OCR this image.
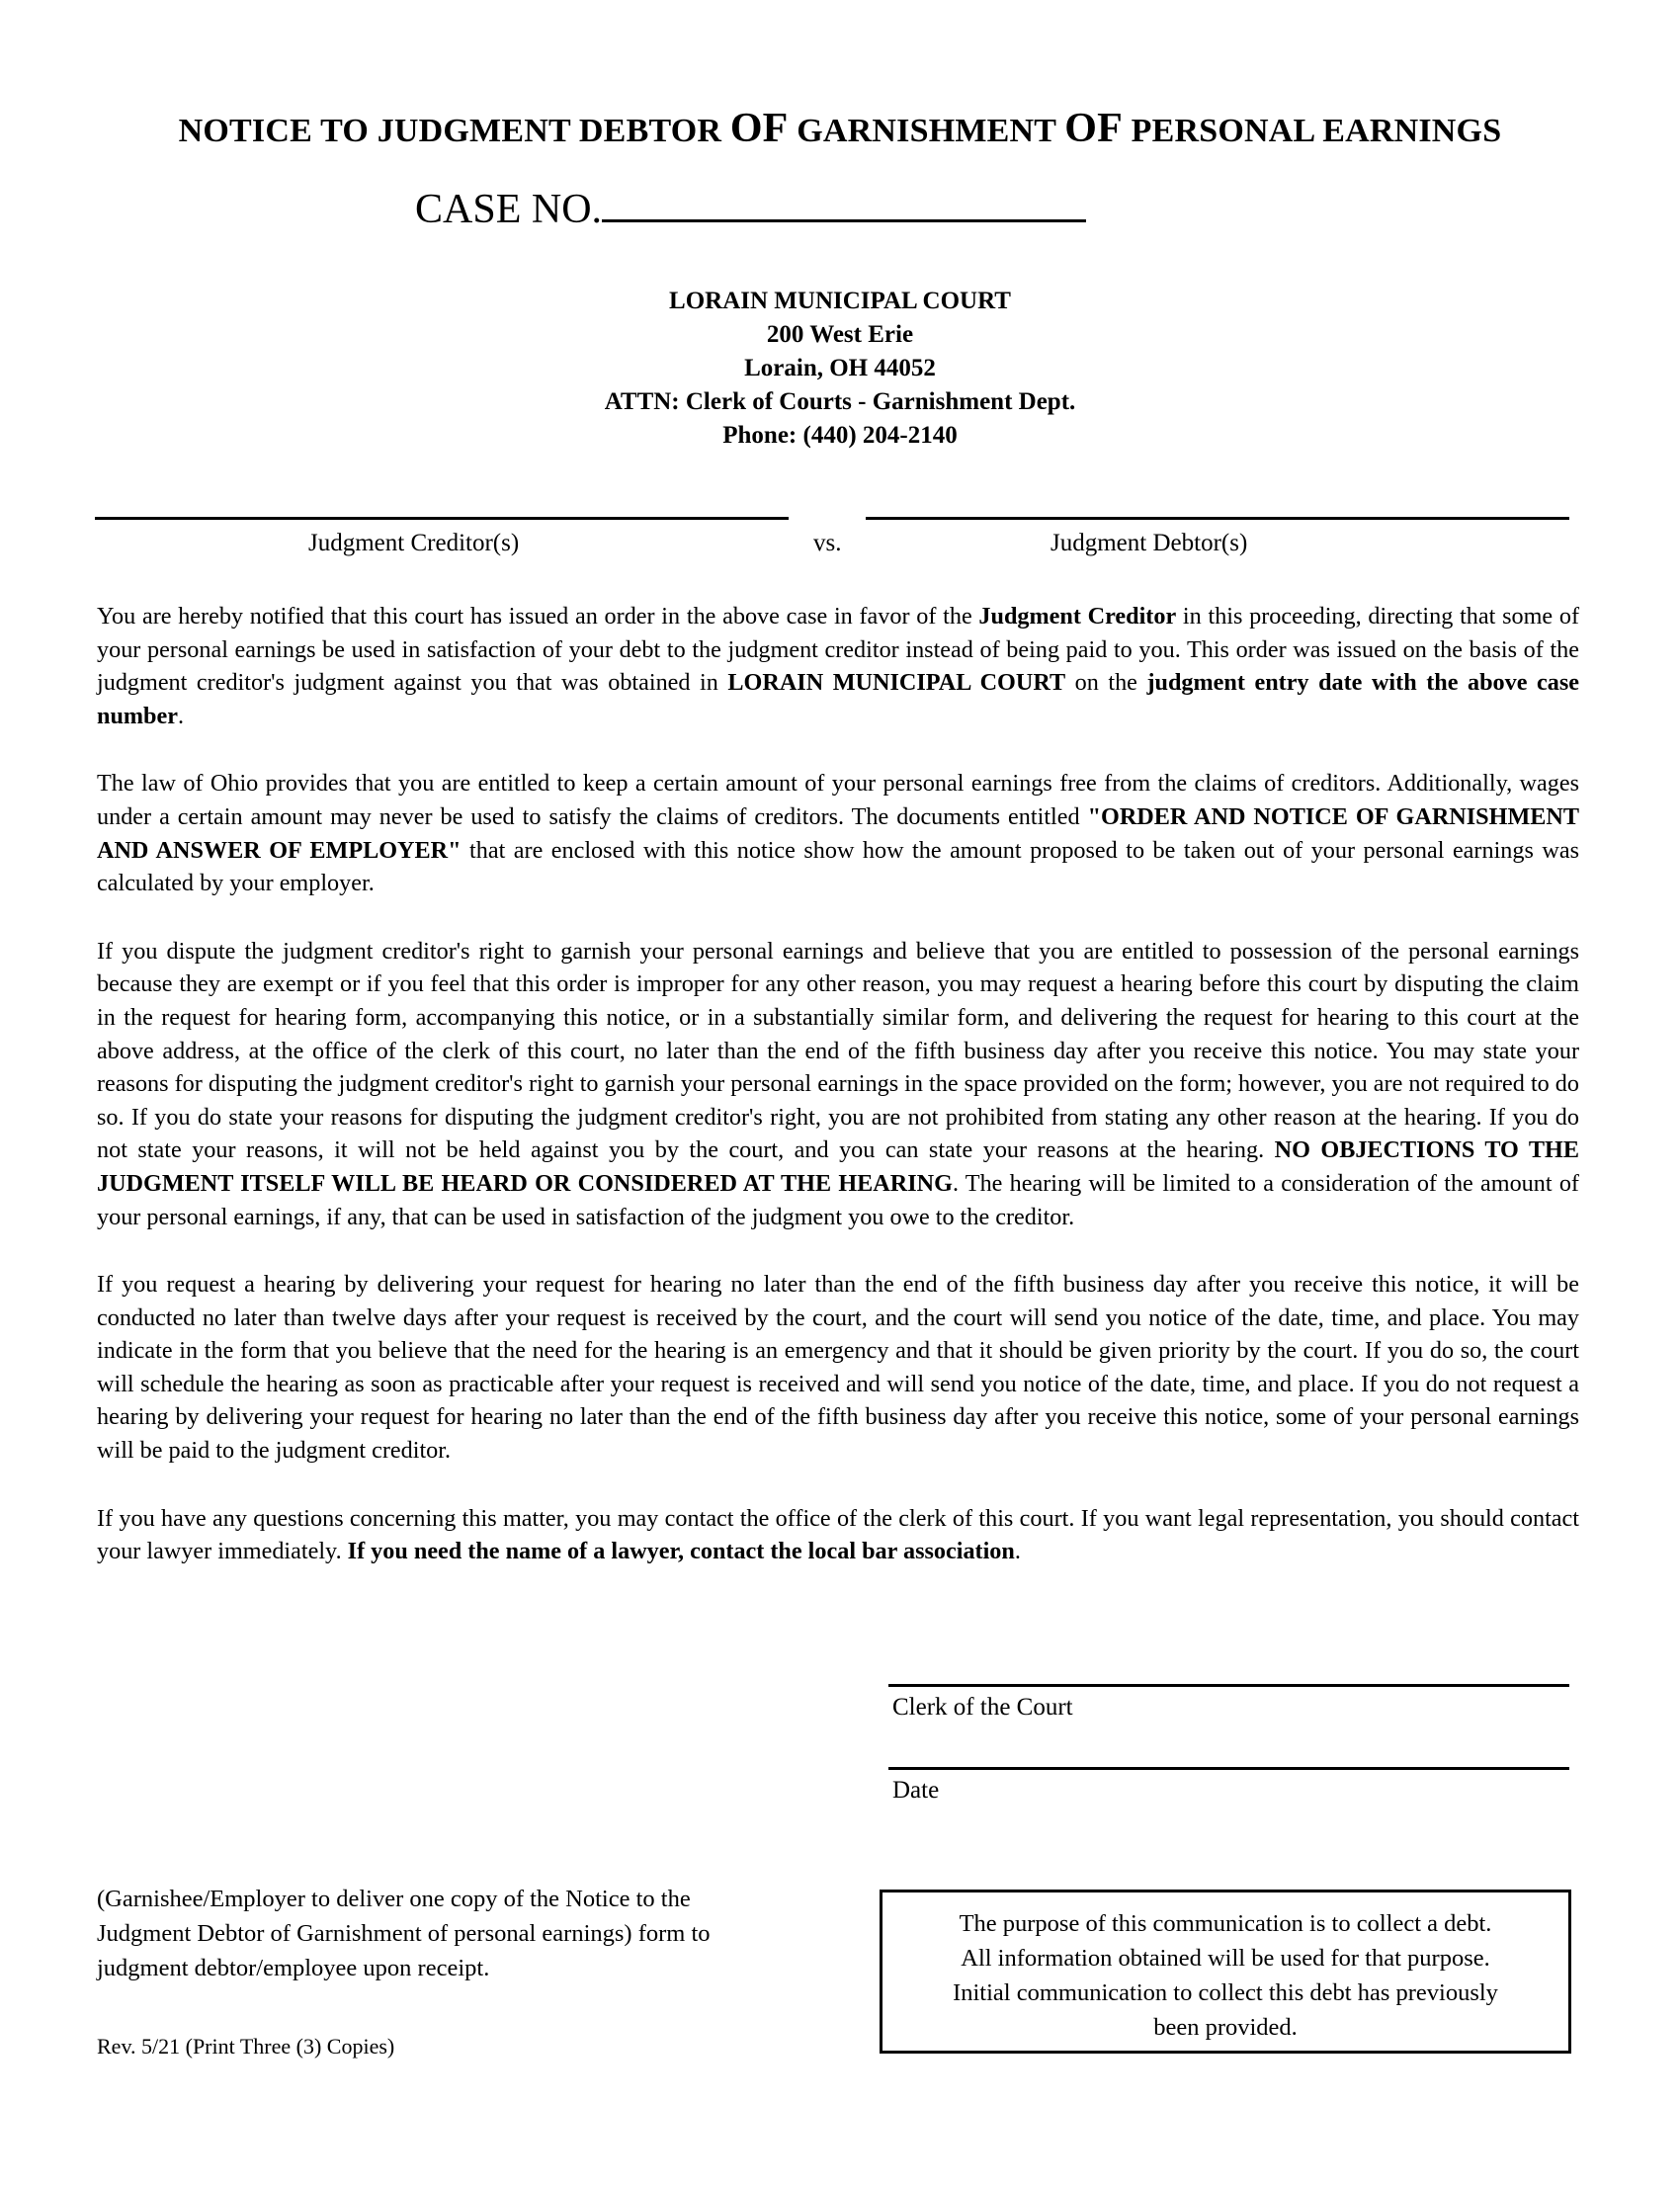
NOTICE TO JUDGMENT DEBTOR OF GARNISHMENT OF PERSONAL EARNINGS
CASE NO.
LORAIN MUNICIPAL COURT
200 West Erie
Lorain, OH 44052
ATTN: Clerk of Courts - Garnishment Dept.
Phone: (440) 204-2140
Judgment Creditor(s)	vs.	Judgment Debtor(s)

You are hereby notified that this court has issued an order in the above case in favor of the Judgment Creditor in this proceeding, directing that some of your personal earnings be used in satisfaction of your debt to the judgment creditor instead of being paid to you. This order was issued on the basis of the judgment creditor's judgment against you that was obtained in LORAIN MUNICIPAL COURT on the judgment entry date with the above case number.

The law of Ohio provides that you are entitled to keep a certain amount of your personal earnings free from the claims of creditors. Additionally, wages under a certain amount may never be used to satisfy the claims of creditors. The documents entitled "ORDER AND NOTICE OF GARNISHMENT AND ANSWER OF EMPLOYER" that are enclosed with this notice show how the amount proposed to be taken out of your personal earnings was calculated by your employer.

If you dispute the judgment creditor's right to garnish your personal earnings and believe that you are entitled to possession of the personal earnings because they are exempt or if you feel that this order is improper for any other reason, you may request a hearing before this court by disputing the claim in the request for hearing form, accompanying this notice, or in a substantially similar form, and delivering the request for hearing to this court at the above address, at the office of the clerk of this court, no later than the end of the fifth business day after you receive this notice. You may state your reasons for disputing the judgment creditor's right to garnish your personal earnings in the space provided on the form; however, you are not required to do so. If you do state your reasons for disputing the judgment creditor's right, you are not prohibited from stating any other reason at the hearing. If you do not state your reasons, it will not be held against you by the court, and you can state your reasons at the hearing. NO OBJECTIONS TO THE JUDGMENT ITSELF WILL BE HEARD OR CONSIDERED AT THE HEARING. The hearing will be limited to a consideration of the amount of your personal earnings, if any, that can be used in satisfaction of the judgment you owe to the creditor.

If you request a hearing by delivering your request for hearing no later than the end of the fifth business day after you receive this notice, it will be conducted no later than twelve days after your request is received by the court, and the court will send you notice of the date, time, and place. You may indicate in the form that you believe that the need for the hearing is an emergency and that it should be given priority by the court. If you do so, the court will schedule the hearing as soon as practicable after your request is received and will send you notice of the date, time, and place. If you do not request a hearing by delivering your request for hearing no later than the end of the fifth business day after you receive this notice, some of your personal earnings will be paid to the judgment creditor.

If you have any questions concerning this matter, you may contact the office of the clerk of this court. If you want legal representation, you should contact your lawyer immediately. If you need the name of a lawyer, contact the local bar association.

Clerk of the Court
Date
(Garnishee/Employer to deliver one copy of the Notice to the Judgment Debtor of Garnishment of personal earnings) form to judgment debtor/employee upon receipt.
Rev. 5/21 (Print Three (3) Copies)
The purpose of this communication is to collect a debt.
All information obtained will be used for that purpose.
Initial communication to collect this debt has previously
been provided.
